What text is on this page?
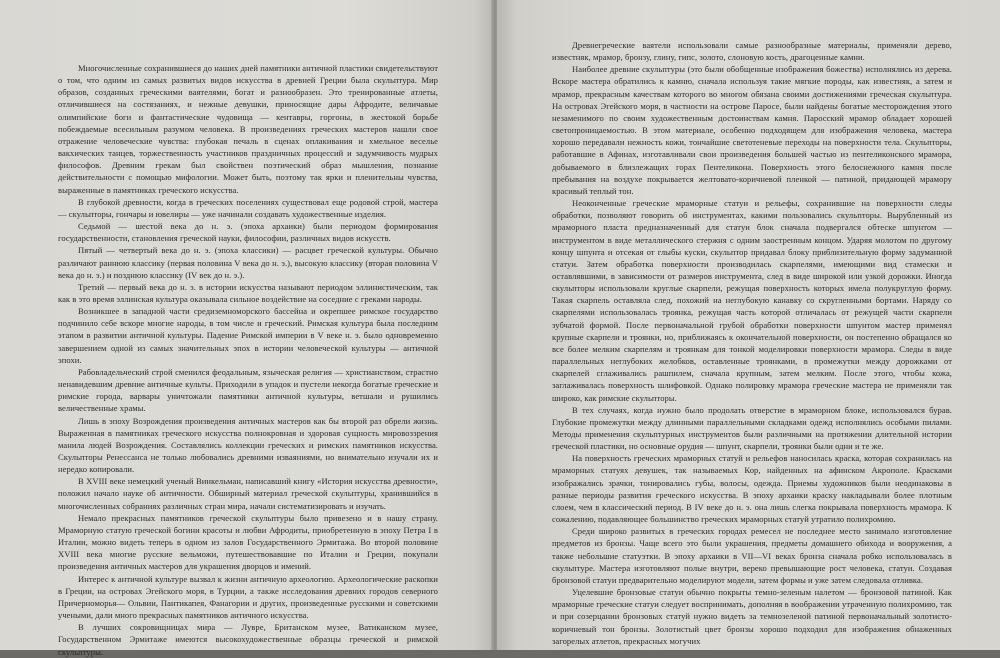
Многочисленные сохранившиеся до наших дней памятники античной пластики свидетельствуют о том, что одним из самых развитых видов искусства в древней Греции была скульптура. Мир образов, созданных греческими ваятелями, богат и разнообразен. Это тренированные атлеты, отличившиеся на состязаниях, и нежные девушки, приносящие дары Афродите, величавые олимпийские боги и фантастические чудовища — кентавры, горгоны, в жестокой борьбе побеждаемые всесильным разумом человека. В произведениях греческих мастеров нашли свое отражение человеческие чувства: глубокая печаль в сценах оплакивания и хмельное веселье вакхических танцев, торжественность участников праздничных процессий и задумчивость мудрых философов. Древним грекам был свойствен поэтический образ мышления, познание действительности с помощью мифологии. Может быть, поэтому так ярки и пленительны чувства, выраженные в памятниках греческого искусства.

В глубокой древности, когда в греческих поселениях существовал еще родовой строй, мастера — скульпторы, гончары и ювелиры — уже начинали создавать художественные изделия.

Седьмой — шестой века до н. э. (эпоха архаики) были периодом формирования государственности, становления греческой науки, философии, различных видов искусств.

Пятый — четвертый века до н. э. (эпоха классики) — расцвет греческой культуры. Обычно различают раннюю классику (первая половина V века до н. э.), высокую классику (вторая половина V века до н. э.) и позднюю классику (IV век до н. э.).

Третий — первый века до н. э. в истории искусства называют периодом эллинистическим, так как в это время эллинская культура оказывала сильное воздействие на соседние с греками народы.

Возникшее в западной части средиземноморского бассейна и окрепшее римское государство подчинило себе вскоре многие народы, в том числе и греческий. Римская культура была последним этапом в развитии античной культуры. Падение Римской империи в V веке н. э. было одновременно завершением одной из самых значительных эпох в истории человеческой культуры — античной эпохи.

Рабовладельческий строй сменился феодальным, языческая религия — христианством, страстно ненавидевшим древние античные культы. Приходили в упадок и пустели некогда богатые греческие и римские города, варвары уничтожали памятники античной культуры, ветшали и рушились величественные храмы.

Лишь в эпоху Возрождения произведения античных мастеров как бы второй раз обрели жизнь. Выраженная в памятниках греческого искусства полнокровная и здоровая сущность мировоззрения манила людей Возрождения. Составлялись коллекции греческих и римских памятников искусства. Скульпторы Ренессанса не только любовались древними изваяниями, но внимательно изучали их и нередко копировали.

В XVIII веке немецкий ученый Винкельман, написавший книгу «История искусства древности», положил начало науке об античности. Обширный материал греческой скульптуры, хранившийся в многочисленных собраниях различных стран мира, начали систематизировать и изучать.

Немало прекрасных памятников греческой скульптуры было привезено и в нашу страну. Мраморную статую греческой богини красоты и любви Афродиты, приобретенную в эпоху Петра I в Италии, можно видеть теперь в одном из залов Государственного Эрмитажа. Во второй половине XVIII века многие русские вельможи, путешествовавшие по Италии и Греции, покупали произведения античных мастеров для украшения дворцов и имений.

Интерес к античной культуре вызвал к жизни античную археологию. Археологические раскопки в Греции, на островах Эгейского моря, в Турции, а также исследования древних городов северного Причерноморья— Ольвии, Пантикапея, Фанагории и других, произведенные русскими и советскими учеными, дали много прекрасных памятников античного искусства.

В лучших сокровищницах мира — Лувре, Британском музее, Ватиканском музее, Государственном Эрмитаже имеются высокохудожественные образцы греческой и римской скульптуры.

Древнегреческие ваятели использовали самые разнообразные материалы, применяли дерево, известняк, мрамор, бронзу, глину, гипс, золото, слоновую кость, драгоценные камни.

Наиболее древние скульптуры (это были обобщенные изображения божества) исполнялись из дерева. Вскоре мастера обратились к камню, сначала используя такие мягкие породы, как известняк, а затем и мрамор, прекрасным качествам которого во многом обязана своими достижениями греческая скульптура. На островах Эгейского моря, в частности на острове Паросе, были найдены богатые месторождения этого незаменимого по своим художественным достоинствам камня. Паросский мрамор обладает хорошей светопроницаемостью. В этом материале, особенно подходящем для изображения человека, мастера хорошо передавали нежность кожи, тончайшие светотеневые переходы на поверхности тела. Скульпторы, работавшие в Афинах, изготавливали свои произведения большей частью из пентеликонского мрамора, добываемого в близлежащих горах Пентеликона. Поверхность этого белоснежного камня после пребывания на воздухе покрывается желтовато-коричневой пленкой — патиной, придающей мрамору красивый теплый тон.

Неоконченные греческие мраморные статуи и рельефы, сохранившие на поверхности следы обработки, позволяют говорить об инструментах, какими пользовались скульпторы. Вырубленный из мраморного пласта предназначенный для статуи блок сначала подвергался обтеске шпунтом — инструментом в виде металлического стержня с одним заостренным концом. Ударяя молотом по другому концу шпунта и отсекая от глыбы куски, скульптор придавал блоку приблизительную форму задуманной статуи. Затем обработка поверхности производилась скарпелями, имеющими вид стамески и оставлявшими, в зависимости от размеров инструмента, след в виде широкой или узкой дорожки. Иногда скульпторы использовали круглые скарпели, режущая поверхность которых имела полукруглую форму. Такая скарпель оставляла след, похожий на неглубокую канавку со скругленными бортами. Наряду со скарпелями использовалась троянка, режущая часть которой отличалась от режущей части скарпели зубчатой формой. После первоначальной грубой обработки поверхности шпунтом мастер применял крупные скарпели и троянки, но, приближаясь к окончательной поверхности, он постепенно обращался ко все более мелким скарпелям и троянкам для тонкой моделировки поверхности мрамора. Следы в виде параллельных неглубоких желобков, оставленные троянками, в промежутки между дорожками от скарпелей сглаживались рашпилем, сначала крупным, затем мелким. После этого, чтобы кожа, заглаживалась поверхность шлифовкой. Однако полировку мрамора греческие мастера не применяли так широко, как римские скульпторы.

В тех случаях, когда нужно было продолать отверстие в мраморном блоке, использовался бурав. Глубокие промежутки между длинными параллельными складками одежд исполнялись особыми пилами. Методы применения скульптурных инструментов были различными на протяжении длительной истории греческой пластики, но основные орудия — шпунт, скарпели, троянки были одни и те же.

На поверхность греческих мраморных статуй и рельефов наносилась краска, которая сохранилась на мраморных статуях девушек, так называемых Кор, найденных на афинском Акрополе. Красками изображались зрачки, тонировались губы, волосы, одежда. Приемы художников были неодинаковы в разные периоды развития греческого искусства. В эпоху архаики краску накладывали более плотным слоем, чем в классический период. В IV веке до н. э. она лишь слегка покрывала поверхность мрамора. К сожалению, подавляющее большинство греческих мраморных статуй утратило полихромию.

Среди широко развитых в греческих городах ремесел не последнее место занимало изготовление предметов из бронзы. Чаще всего это были украшения, предметы домашнего обихода и вооружения, а также небольшие статуэтки. В эпоху архаики в VII—VI веках бронза сначала робко использовалась в скульптуре. Мастера изготовляют полые внутри, вереко превышающие рост человека, статуи. Создавая бронзовой статуи предварительно моделируют модели, затем формы и уже затем следовала отливка.

Уцелевшие бронзовые статуи обычно покрыты темно-зеленым налетом — бронзовой патиной. Как мраморные греческие статуи следует воспринимать, дополняя в воображении утраченную полихромию, так и при созерцании бронзовых статуй нужно видеть за темнозеленой патиной первоначальный золотисто-коричневый тон бронзы. Золотистый цвет бронзы хорошо подходил для изображения обнаженных загорелых атлетов, прекрасных могучих
